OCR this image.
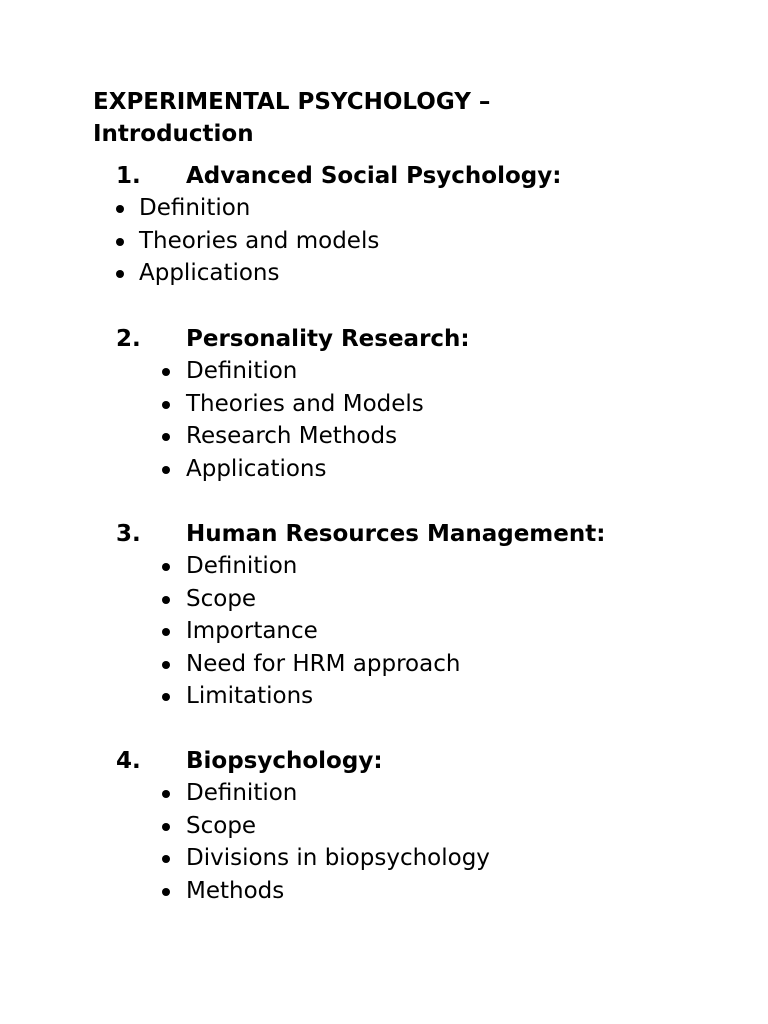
EXPERIMENTAL PSYCHOLOGY – Introduction
1. Advanced Social Psychology:
Definition
Theories and models
Applications
2. Personality Research:
Definition
Theories and Models
Research Methods
Applications
3. Human Resources Management:
Definition
Scope
Importance
Need for HRM approach
Limitations
4. Biopsychology:
Definition
Scope
Divisions in biopsychology
Methods
